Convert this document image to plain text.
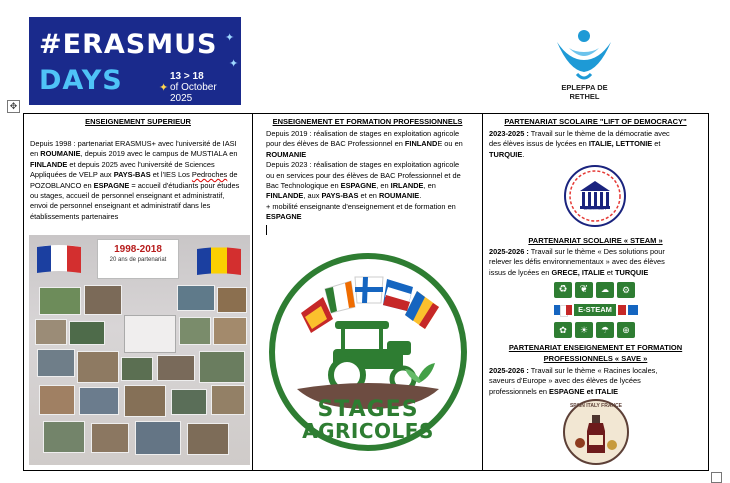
#ERASMUS
DAYS
✦
✦
✦
13 > 18
of October
2025
EPLEFPA DE RETHEL
✥
ENSEIGNEMENT SUPERIEUR
Depuis 1998 : partenariat ERASMUS+ avec l'université de IASI
en ROUMANIE, depuis 2019 avec le campus de MUSTIALA en
FINLANDE et depuis 2025 avec l'université de Sciences
Appliquées de VELP aux PAYS-BAS et l'IES Los Pedroches de
POZOBLANCO en ESPAGNE = accueil d'étudiants pour études
ou stages, accueil de personnel enseignant et administratif,
envoi de personnel enseignant et administratif dans les
établissements partenaires
1998-2018
20 ans de partenariat
ENSEIGNEMENT ET FORMATION PROFESSIONNELS
Depuis 2019 : réalisation de stages en exploitation agricole
pour des élèves de BAC Professionnel en FINLANDE ou en
ROUMANIE
Depuis 2023 : réalisation de stages en exploitation agricole
ou en services pour des élèves de BAC Professionnel et de
Bac Technologique en ESPAGNE, en IRLANDE, en
FINLANDE, aux PAYS-BAS et en ROUMANIE.
+ mobilité enseignante d'enseignement et de formation en
ESPAGNE
STAGES
AGRICOLES
PARTENARIAT SCOLAIRE "LIFT OF DEMOCRACY"
2023-2025 : Travail sur le thème de la démocratie avec
des élèves issus de lycées en ITALIE, LETTONIE et
TURQUIE.
DEMOCRACY
PARTENARIAT SCOLAIRE « STEAM »
2025-2026 : Travail sur le thème « Des solutions pour
relever les défis environnementaux » avec des élèves
issus de lycées en GRECE, ITALIE et TURQUIE
♻	❦	☁	⚙
E-STEAM
✿	☀	☂	⊕
PARTENARIAT ENSEIGNEMENT ET FORMATION
PROFESSIONNELS « SAVE »
2025-2026 : Travail sur le thème « Racines locales,
saveurs d'Europe » avec des élèves de lycées
professionnels en ESPAGNE et ITALIE
SPAIN ITALY FRANCE
